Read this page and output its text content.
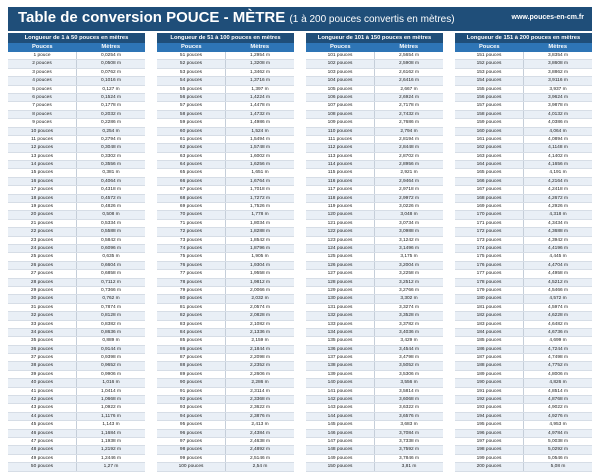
Table de conversion POUCE - MÈTRE (1 à 200 pouces convertis en mètres)	www.pouces-en-cm.fr
Longueur de 1 à 50 pouces en mètres
Pouces	Mètres
1 pouce	0,0254 m
2 pouces	0,0508 m
3 pouces	0,0762 m
4 pouces	0,1016 m
5 pouces	0,127 m
6 pouces	0,1524 m
7 pouces	0,1778 m
8 pouces	0,2032 m
9 pouces	0,2286 m
10 pouces	0,254 m
11 pouces	0,2794 m
12 pouces	0,3048 m
13 pouces	0,3302 m
14 pouces	0,3556 m
15 pouces	0,381 m
16 pouces	0,4064 m
17 pouces	0,4318 m
18 pouces	0,4572 m
19 pouces	0,4826 m
20 pouces	0,508 m
21 pouces	0,5334 m
22 pouces	0,5588 m
23 pouces	0,5842 m
24 pouces	0,6096 m
25 pouces	0,635 m
26 pouces	0,6604 m
27 pouces	0,6858 m
28 pouces	0,7112 m
29 pouces	0,7366 m
30 pouces	0,762 m
31 pouces	0,7874 m
32 pouces	0,8128 m
33 pouces	0,8382 m
34 pouces	0,8636 m
35 pouces	0,889 m
36 pouces	0,9144 m
37 pouces	0,9398 m
38 pouces	0,9652 m
39 pouces	0,9906 m
40 pouces	1,016 m
41 pouces	1,0414 m
42 pouces	1,0668 m
43 pouces	1,0922 m
44 pouces	1,1176 m
45 pouces	1,143 m
46 pouces	1,1684 m
47 pouces	1,1938 m
48 pouces	1,2192 m
49 pouces	1,2446 m
50 pouces	1,27 m
Longueur de 51 à 100 pouces en mètres
Pouces	Mètres
51 pouces	1,2954 m
52 pouces	1,3208 m
53 pouces	1,3462 m
54 pouces	1,3716 m
55 pouces	1,397 m
56 pouces	1,4224 m
57 pouces	1,4478 m
58 pouces	1,4732 m
59 pouces	1,4986 m
60 pouces	1,524 m
61 pouces	1,5494 m
62 pouces	1,5748 m
63 pouces	1,6002 m
64 pouces	1,6256 m
65 pouces	1,651 m
66 pouces	1,6764 m
67 pouces	1,7018 m
68 pouces	1,7272 m
69 pouces	1,7526 m
70 pouces	1,778 m
71 pouces	1,8034 m
72 pouces	1,8288 m
73 pouces	1,8542 m
74 pouces	1,8796 m
75 pouces	1,905 m
76 pouces	1,9304 m
77 pouces	1,9558 m
78 pouces	1,9812 m
79 pouces	2,0066 m
80 pouces	2,032 m
81 pouces	2,0574 m
82 pouces	2,0828 m
83 pouces	2,1082 m
84 pouces	2,1336 m
85 pouces	2,159 m
86 pouces	2,1844 m
87 pouces	2,2098 m
88 pouces	2,2352 m
89 pouces	2,2606 m
90 pouces	2,286 m
91 pouces	2,3114 m
92 pouces	2,3368 m
93 pouces	2,3622 m
94 pouces	2,3876 m
95 pouces	2,413 m
96 pouces	2,4384 m
97 pouces	2,4638 m
98 pouces	2,4892 m
99 pouces	2,5146 m
100 pouces	2,54 m
Longueur de 101 à 150 pouces en mètres
Pouces	Mètres
101 pouces	2,5654 m
102 pouces	2,5908 m
103 pouces	2,6162 m
104 pouces	2,6416 m
105 pouces	2,667 m
106 pouces	2,6924 m
107 pouces	2,7178 m
108 pouces	2,7432 m
109 pouces	2,7686 m
110 pouces	2,794 m
111 pouces	2,8194 m
112 pouces	2,8448 m
113 pouces	2,8702 m
114 pouces	2,8956 m
115 pouces	2,921 m
116 pouces	2,9464 m
117 pouces	2,9718 m
118 pouces	2,9972 m
119 pouces	3,0226 m
120 pouces	3,048 m
121 pouces	3,0734 m
122 pouces	3,0988 m
123 pouces	3,1242 m
124 pouces	3,1496 m
125 pouces	3,175 m
126 pouces	3,2004 m
127 pouces	3,2258 m
128 pouces	3,2512 m
129 pouces	3,2766 m
130 pouces	3,302 m
131 pouces	3,3274 m
132 pouces	3,3528 m
133 pouces	3,3782 m
134 pouces	3,4036 m
135 pouces	3,429 m
136 pouces	3,4544 m
137 pouces	3,4798 m
138 pouces	3,5052 m
139 pouces	3,5306 m
140 pouces	3,556 m
141 pouces	3,5814 m
142 pouces	3,6068 m
143 pouces	3,6322 m
144 pouces	3,6576 m
145 pouces	3,683 m
146 pouces	3,7084 m
147 pouces	3,7338 m
148 pouces	3,7592 m
149 pouces	3,7846 m
150 pouces	3,81 m
Longueur de 151 à 200 pouces en mètres
Pouces	Mètres
151 pouces	3,8354 m
152 pouces	3,8608 m
153 pouces	3,8862 m
154 pouces	3,9116 m
155 pouces	3,937 m
156 pouces	3,9624 m
157 pouces	3,9878 m
158 pouces	4,0132 m
159 pouces	4,0386 m
160 pouces	4,064 m
161 pouces	4,0894 m
162 pouces	4,1148 m
163 pouces	4,1402 m
164 pouces	4,1656 m
165 pouces	4,191 m
166 pouces	4,2164 m
167 pouces	4,2418 m
168 pouces	4,2672 m
169 pouces	4,2926 m
170 pouces	4,318 m
171 pouces	4,3434 m
172 pouces	4,3688 m
173 pouces	4,3942 m
174 pouces	4,4196 m
175 pouces	4,445 m
176 pouces	4,4704 m
177 pouces	4,4958 m
178 pouces	4,5212 m
179 pouces	4,5466 m
180 pouces	4,572 m
181 pouces	4,5974 m
182 pouces	4,6228 m
183 pouces	4,6482 m
184 pouces	4,6736 m
185 pouces	4,699 m
186 pouces	4,7244 m
187 pouces	4,7498 m
188 pouces	4,7752 m
189 pouces	4,8006 m
190 pouces	4,826 m
191 pouces	4,8514 m
192 pouces	4,8768 m
193 pouces	4,9022 m
194 pouces	4,9276 m
195 pouces	4,953 m
196 pouces	4,9784 m
197 pouces	5,0038 m
198 pouces	5,0292 m
199 pouces	5,0546 m
200 pouces	5,08 m
